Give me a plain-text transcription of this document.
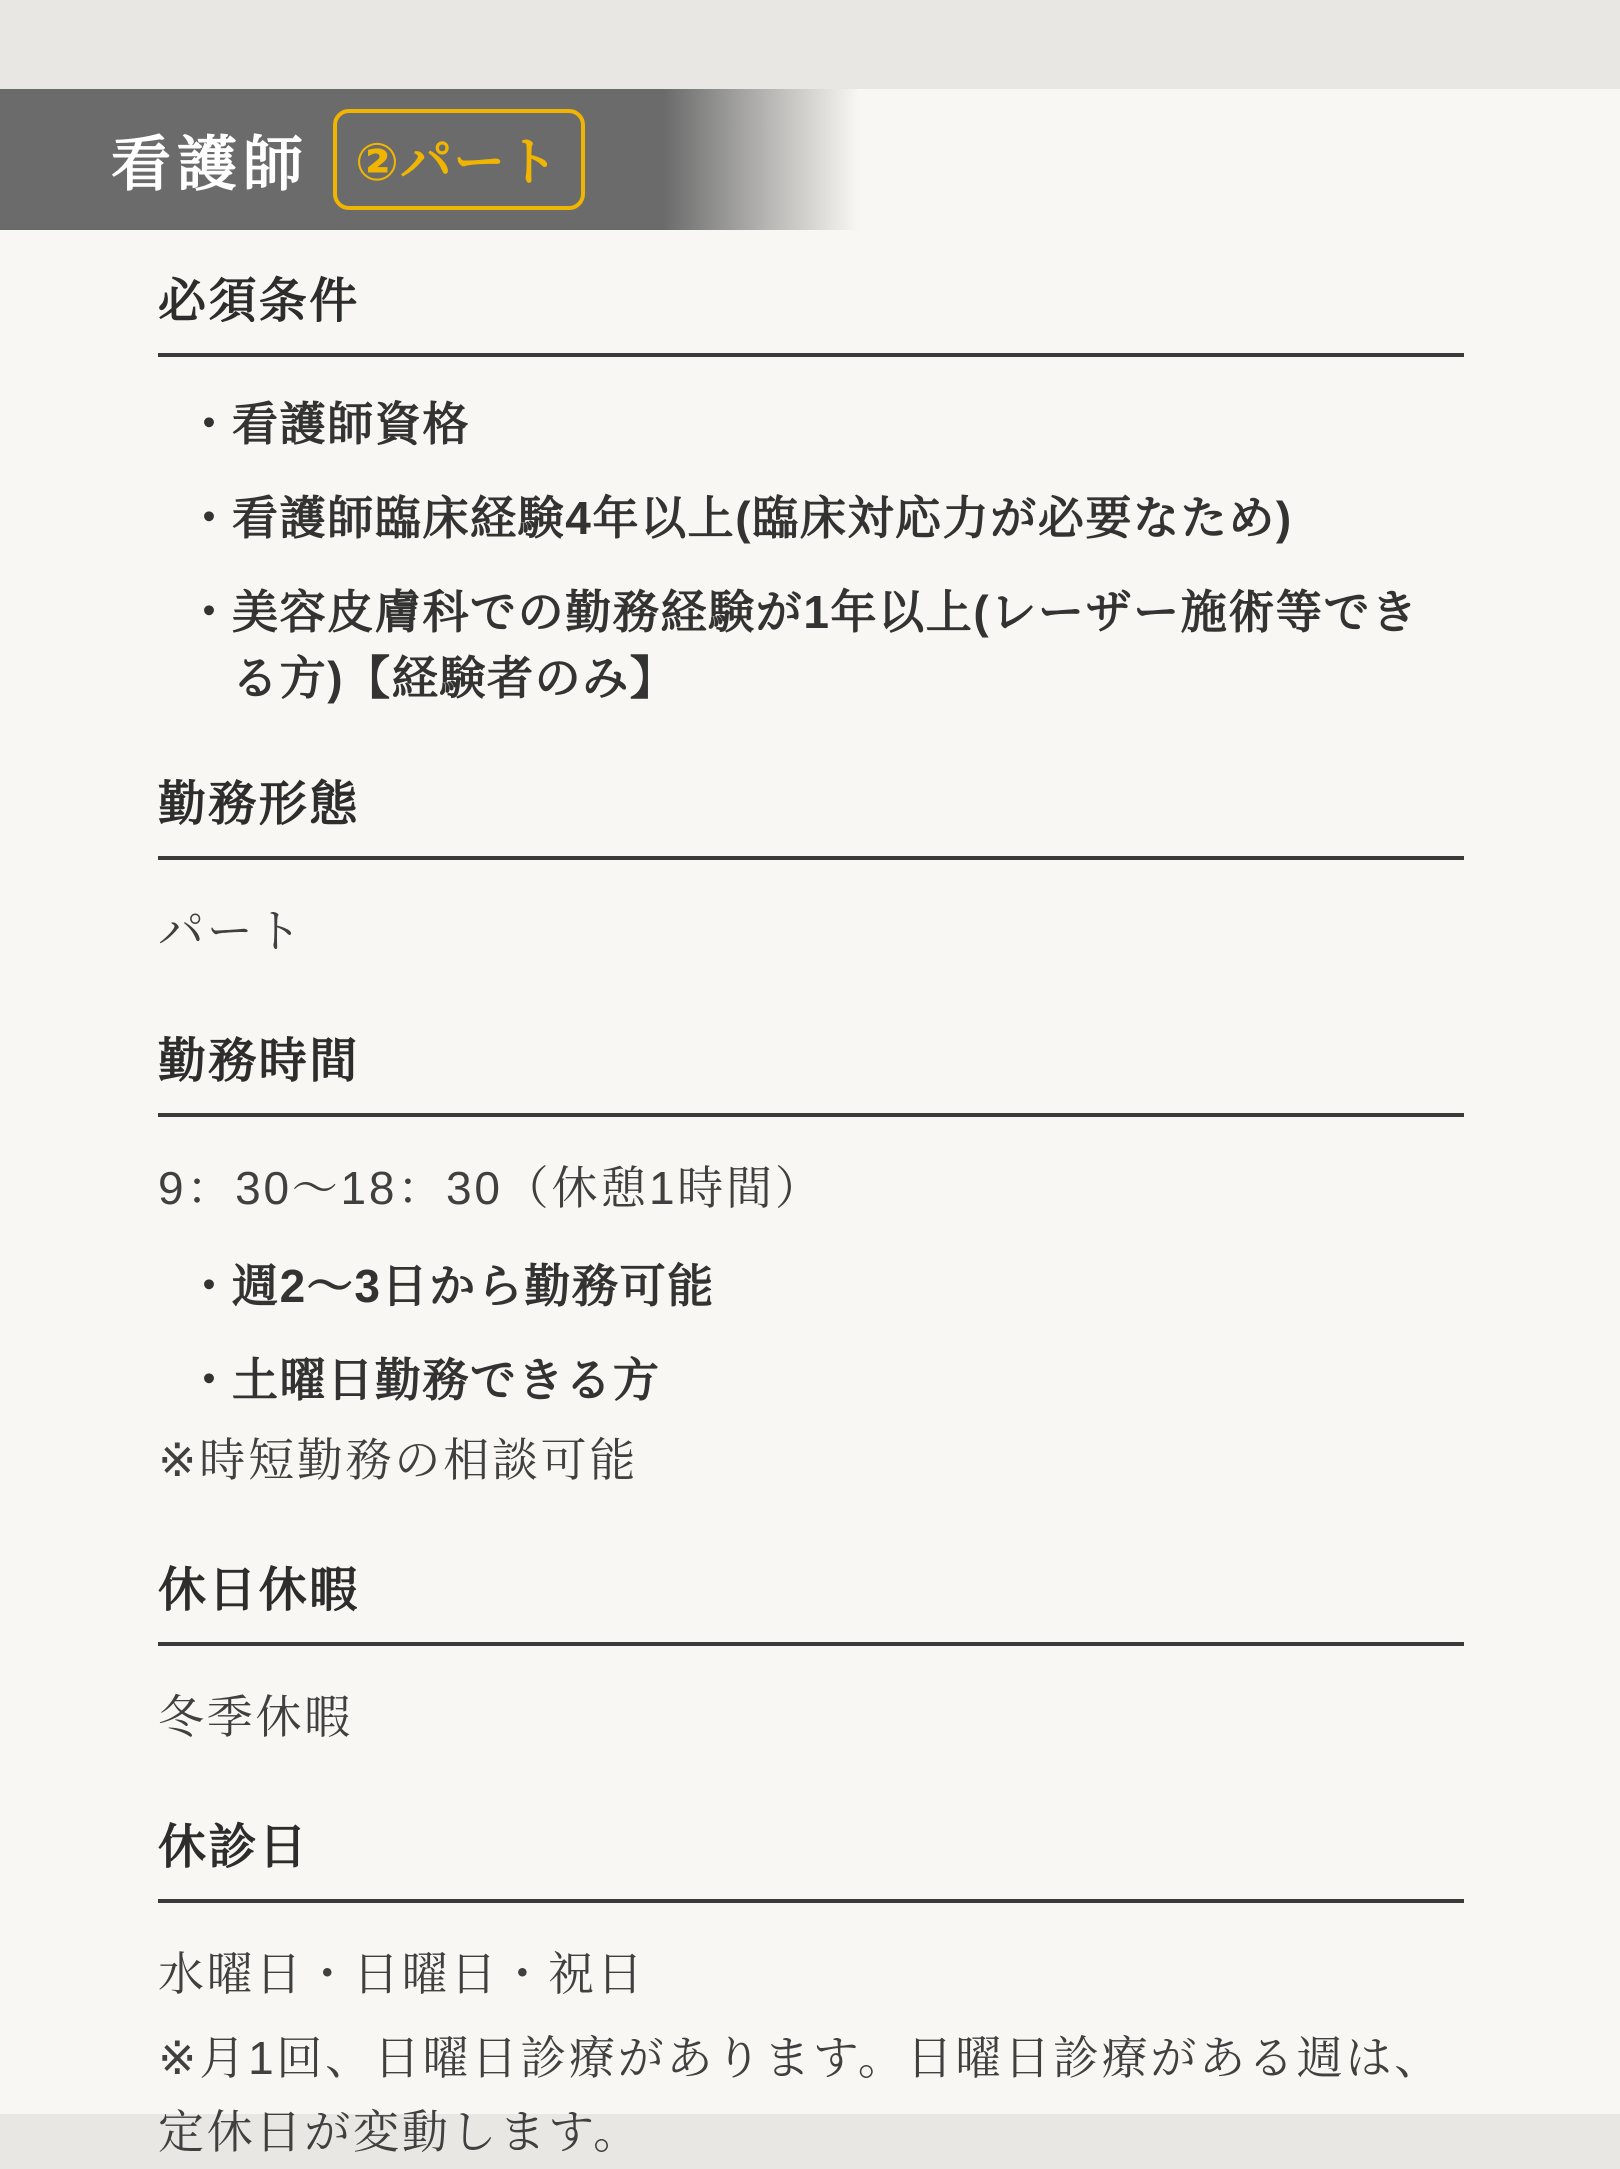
看護師 ②パート
必須条件
・
看護師資格
・
看護師臨床経験4年以上(臨床対応力が必要なため)
・
美容皮膚科での勤務経験が1年以上(レーザー施術等できる方)【経験者のみ】
勤務形態

パート

勤務時間

9：30〜18：30（休憩1時間）

・
週2〜3日から勤務可能
・
土曜日勤務できる方

※時短勤務の相談可能

休日休暇

冬季休暇

休診日

水曜日・日曜日・祝日

※月1回、日曜日診療があります。日曜日診療がある週は、定休日が変動します。
